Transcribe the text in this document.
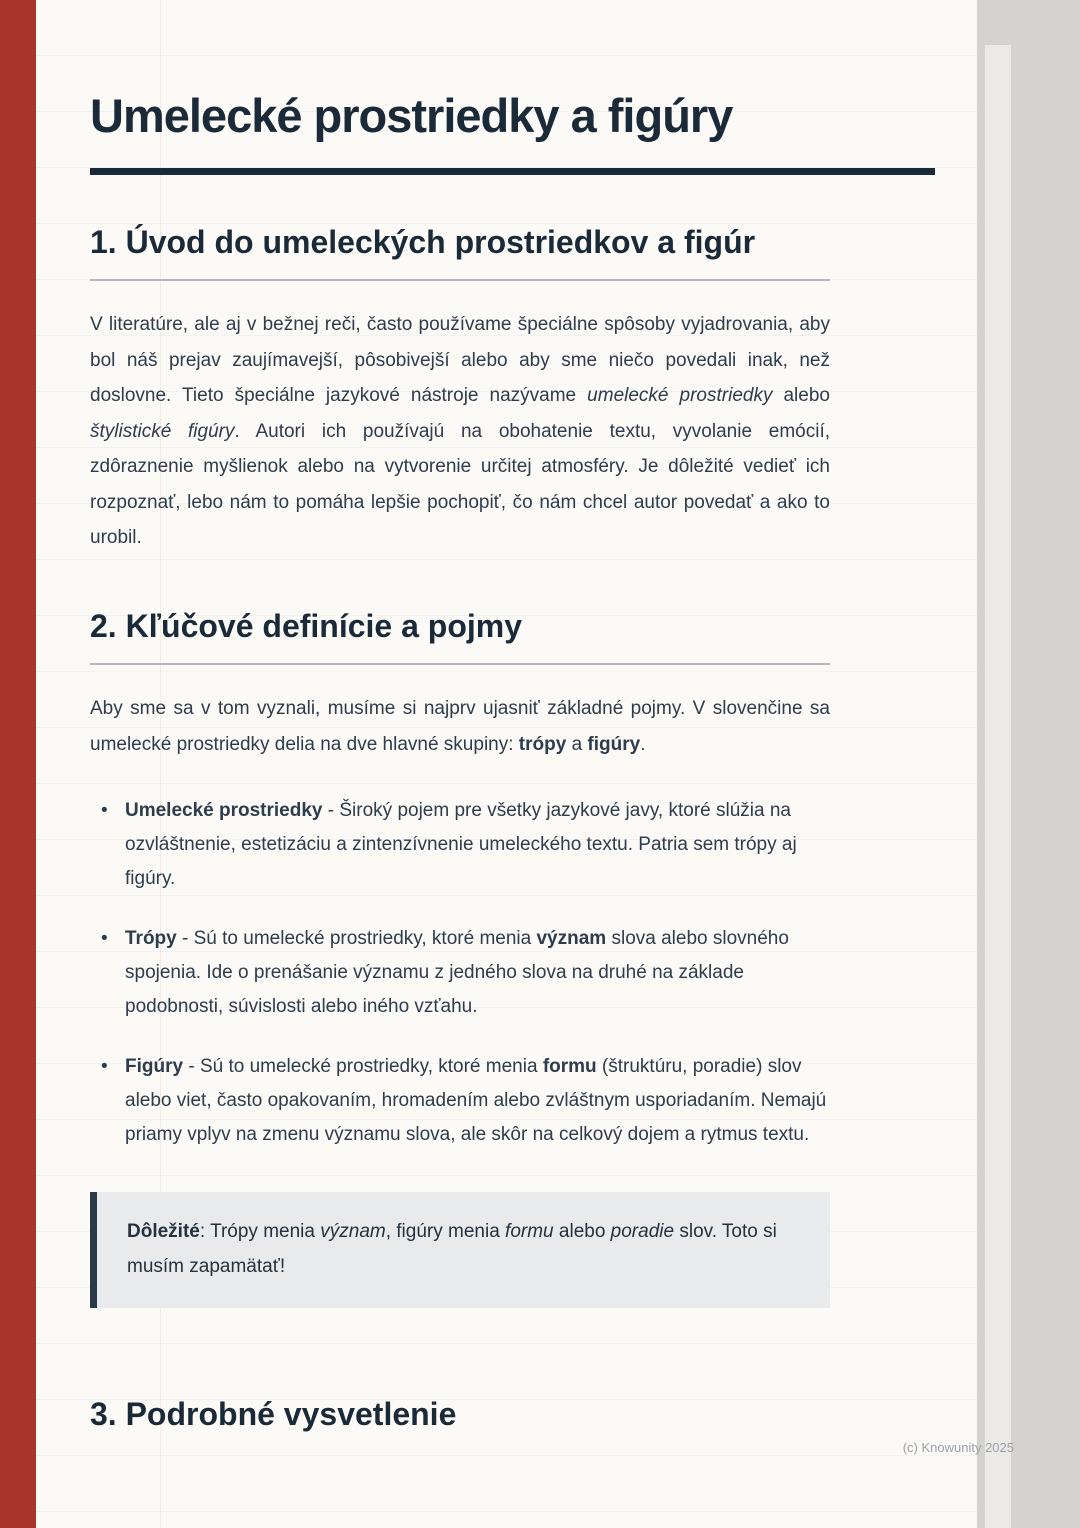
Umelecké prostriedky a figúry
1. Úvod do umeleckých prostriedkov a figúr

V literatúre, ale aj v bežnej reči, často používame špeciálne spôsoby vyjadrovania, aby bol náš prejav zaujímavejší, pôsobivejší alebo aby sme niečo povedali inak, než doslovne. Tieto špeciálne jazykové nástroje nazývame umelecké prostriedky alebo štylistické figúry. Autori ich používajú na obohatenie textu, vyvolanie emócií, zdôraznenie myšlienok alebo na vytvorenie určitej atmosféry. Je dôležité vedieť ich rozpoznať, lebo nám to pomáha lepšie pochopiť, čo nám chcel autor povedať a ako to urobil.

2. Kľúčové definície a pojmy

Aby sme sa v tom vyznali, musíme si najprv ujasniť základné pojmy. V slovenčine sa umelecké prostriedky delia na dve hlavné skupiny: trópy a figúry.

• Umelecké prostriedky - Široký pojem pre všetky jazykové javy, ktoré slúžia na ozvláštnenie, estetizáciu a zintenzívnenie umeleckého textu. Patria sem trópy aj figúry.
• Trópy - Sú to umelecké prostriedky, ktoré menia význam slova alebo slovného spojenia. Ide o prenášanie významu z jedného slova na druhé na základe podobnosti, súvislosti alebo iného vzťahu.
• Figúry - Sú to umelecké prostriedky, ktoré menia formu (štruktúru, poradie) slov alebo viet, často opakovaním, hromadením alebo zvláštnym usporiadaním. Nemajú priamy vplyv na zmenu významu slova, ale skôr na celkový dojem a rytmus textu.
Dôležité: Trópy menia význam, figúry menia formu alebo poradie slov. Toto si musím zapamätať!
3. Podrobné vysvetlenie
(c) Knowunity 2025
